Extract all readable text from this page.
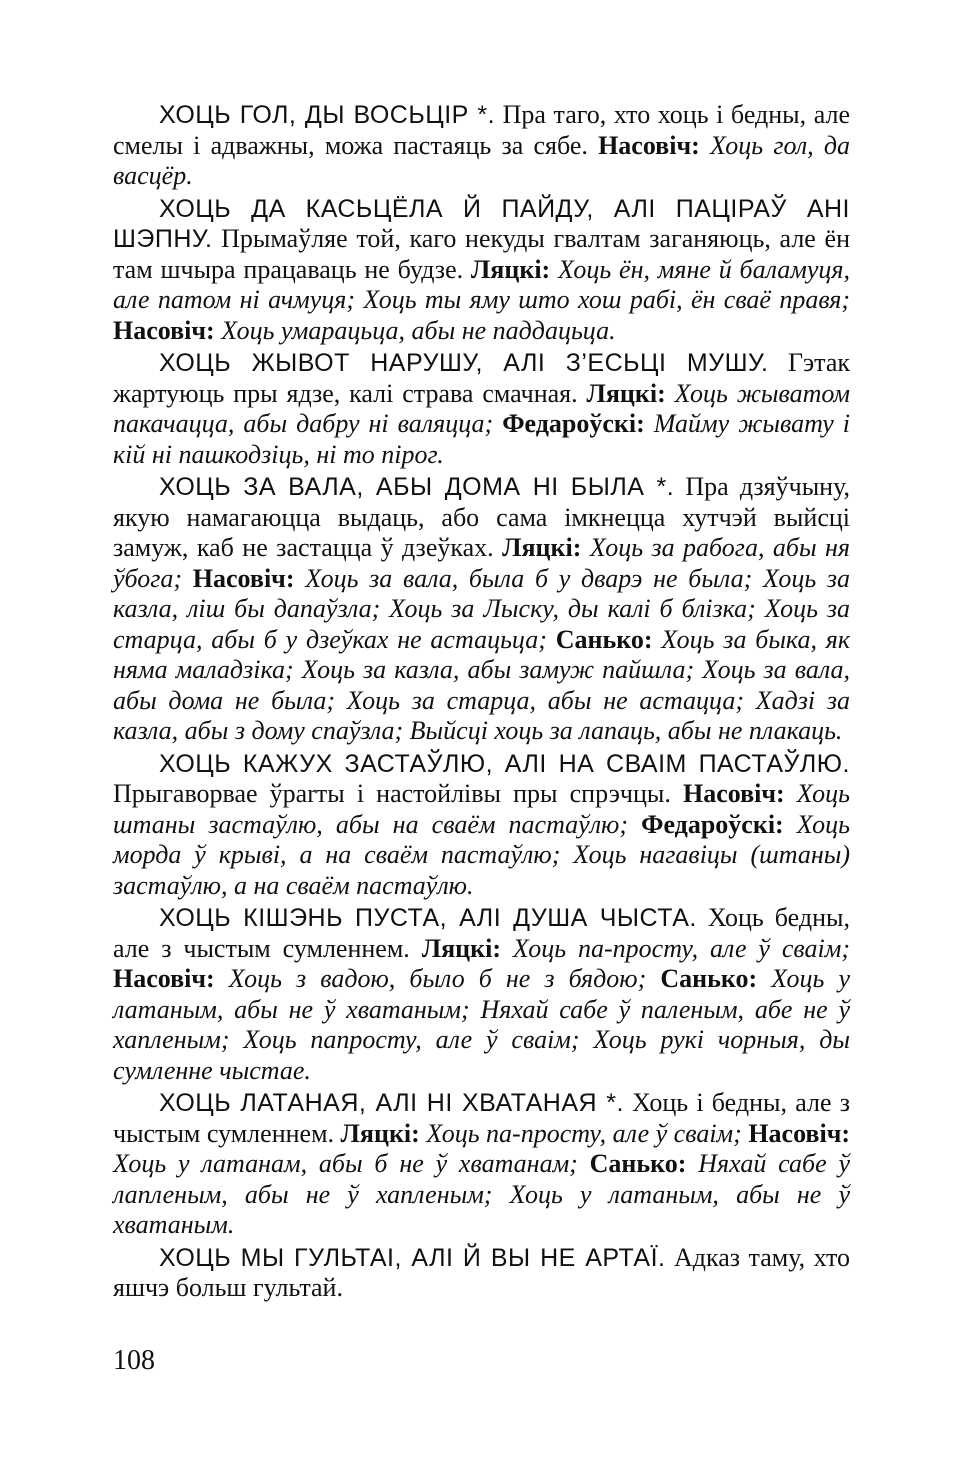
ХОЦЬ ГОЛ, ДЫ ВОСЬЦІР *. Пра таго, хто хоць і бедны, але смелы і адважны, можа пастаяць за сябе. Насовіч: Хоць гол, да васцёр.

ХОЦЬ ДА КАСЬЦЁЛА Й ПАЙДУ, АЛІ ПАЦІРАЎ АНІ ШЭПНУ. Прымаўляе той, каго некуды гвалтам заганяюць, але ён там шчыра працаваць не будзе. Ляцкі: Хоць ён, мяне й баламуця, але патом ні ачмуця; Хоць ты яму што хош рабі, ён сваё правя; Насовіч: Хоць умарацьца, абы не паддацьца.

ХОЦЬ ЖЫВОТ НАРУШУ, АЛІ З’ЕСЬЦІ МУШУ. Гэтак жартуюць пры ядзе, калі страва смачная. Ляцкі: Хоць жыватом пакачацца, абы дабру ні валяцца; Федароўскі: Майму жывату і кій ні пашкодзіць, ні то пірог.

ХОЦЬ ЗА ВАЛА, АБЫ ДОМА НІ БЫЛА *. Пра дзяўчыну, якую намагаюцца выдаць, або сама імкнецца хутчэй выйсці замуж, каб не застацца ў дзеўках. Ляцкі: Хоць за рабога, абы ня ўбога; Насовіч: Хоць за вала, была б у дварэ не была; Хоць за казла, ліш бы дапаўзла; Хоць за Лыску, ды калі б блізка; Хоць за старца, абы б у дзеўках не астацьца; Санько: Хоць за быка, як няма маладзіка; Хоць за казла, абы замуж пайшла; Хоць за вала, абы дома не была; Хоць за старца, абы не астацца; Хадзі за казла, абы з дому спаўзла; Выйсці хоць за лапаць, абы не плакаць.

ХОЦЬ КАЖУХ ЗАСТАЎЛЮ, АЛІ НА СВАІМ ПАСТАЎЛЮ. Прыгаворвае ўparты і настойлівы пры спрэчцы. Насовіч: Хоць штаны застаўлю, абы на сваём пастаўлю; Федароўскі: Хоць морда ў крыві, а на сваём пастаўлю; Хоць нагавіцы (штаны) застаўлю, а на сваём пастаўлю.

ХОЦЬ КІШЭНЬ ПУСТА, АЛІ ДУША ЧЫСТА. Хоць бедны, але з чыстым сумленнем. Ляцкі: Хоць па-просту, але ў сваім; Насовіч: Хоць з вадою, было б не з бядою; Санько: Хоць у латаным, абы не ў хватаным; Няхай сабе ў паленым, абе не ў хапленым; Хоць папросту, але ў сваім; Хоць рукі чорныя, ды сумленне чыстае.

ХОЦЬ ЛАТАНАЯ, АЛІ НІ ХВАТАНАЯ *. Хоць і бедны, але з чыстым сумленнем. Ляцкі: Хоць па-просту, але ў сваім; Насовіч: Хоць у латанам, абы б не ў хватанам; Санько: Няхай сабе ў лапленым, абы не ў хапленым; Хоць у латаным, абы не ў хватаным.

ХОЦЬ МЫ ГУЛЬТАІ, АЛІ Й ВЫ НЕ АРТАЇ. Адказ таму, хто яшчэ больш гультай.

108
